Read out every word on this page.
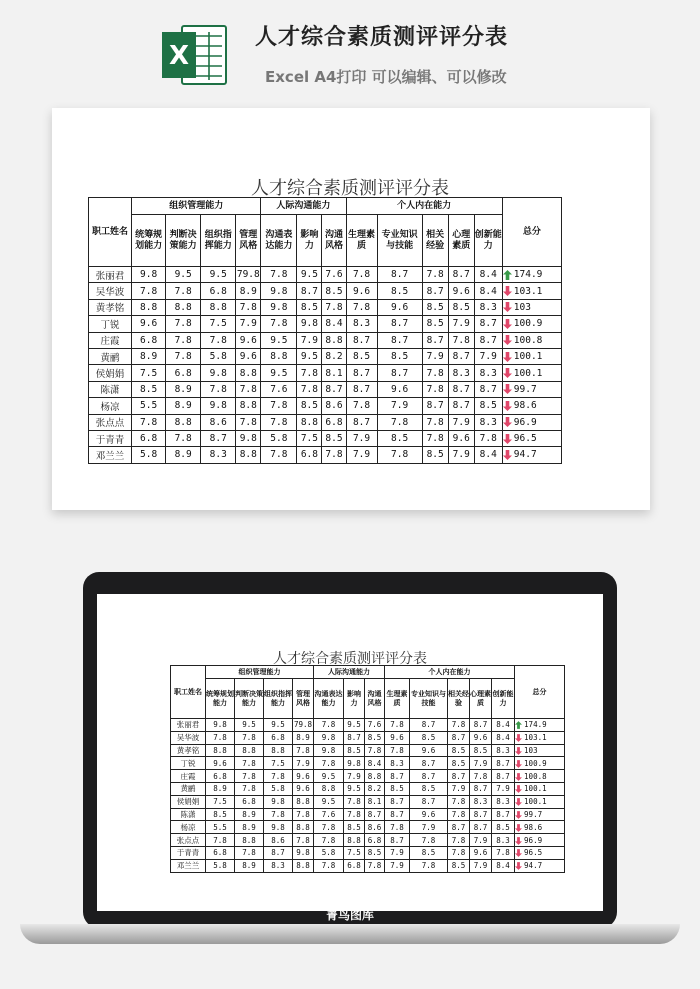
X
人才综合素质测评评分表
Excel A4打印 可以编辑、可以修改
人才综合素质测评评分表
职工姓名	组织管理能力				人际沟通能力			个人内在能力					总分
	统筹规划能力	判断决策能力	组织指挥能力	管理风格	沟通表达能力	影响力	沟通风格	生理素质	专业知识与技能	相关经验	心理素质	创新能力	
张丽君	9.8	9.5	9.5	79.8	7.8	9.5	7.6	7.8	8.7	7.8	8.7	8.4	174.9
吴华波	7.8	7.8	6.8	8.9	9.8	8.7	8.5	9.6	8.5	8.7	9.6	8.4	103.1
黄孝铭	8.8	8.8	8.8	7.8	9.8	8.5	7.8	7.8	9.6	8.5	8.5	8.3	103
丁锐	9.6	7.8	7.5	7.9	7.8	9.8	8.4	8.3	8.7	8.5	7.9	8.7	100.9
庄霞	6.8	7.8	7.8	9.6	9.5	7.9	8.8	8.7	8.7	8.7	7.8	8.7	100.8
黄鹂	8.9	7.8	5.8	9.6	8.8	9.5	8.2	8.5	8.5	7.9	8.7	7.9	100.1
侯娟娟	7.5	6.8	9.8	8.8	9.5	7.8	8.1	8.7	8.7	7.8	8.3	8.3	100.1
陈潇	8.5	8.9	7.8	7.8	7.6	7.8	8.7	8.7	9.6	7.8	8.7	8.7	99.7
杨凉	5.5	8.9	9.8	8.8	7.8	8.5	8.6	7.8	7.9	8.7	8.7	8.5	98.6
张点点	7.8	8.8	8.6	7.8	7.8	8.8	6.8	8.7	7.8	7.8	7.9	8.3	96.9
于青青	6.8	7.8	8.7	9.8	5.8	7.5	8.5	7.9	8.5	7.8	9.6	7.8	96.5
邓兰兰	5.8	8.9	8.3	8.8	7.8	6.8	7.8	7.9	7.8	8.5	7.9	8.4	94.7
人才综合素质测评评分表
职工姓名	组织管理能力				人际沟通能力			个人内在能力					总分
	统筹规划能力	判断决策能力	组织指挥能力	管理风格	沟通表达能力	影响力	沟通风格	生理素质	专业知识与技能	相关经验	心理素质	创新能力	
张丽君	9.8	9.5	9.5	79.8	7.8	9.5	7.6	7.8	8.7	7.8	8.7	8.4	174.9
吴华波	7.8	7.8	6.8	8.9	9.8	8.7	8.5	9.6	8.5	8.7	9.6	8.4	103.1
黄孝铭	8.8	8.8	8.8	7.8	9.8	8.5	7.8	7.8	9.6	8.5	8.5	8.3	103
丁锐	9.6	7.8	7.5	7.9	7.8	9.8	8.4	8.3	8.7	8.5	7.9	8.7	100.9
庄霞	6.8	7.8	7.8	9.6	9.5	7.9	8.8	8.7	8.7	8.7	7.8	8.7	100.8
黄鹂	8.9	7.8	5.8	9.6	8.8	9.5	8.2	8.5	8.5	7.9	8.7	7.9	100.1
侯娟娟	7.5	6.8	9.8	8.8	9.5	7.8	8.1	8.7	8.7	7.8	8.3	8.3	100.1
陈潇	8.5	8.9	7.8	7.8	7.6	7.8	8.7	8.7	9.6	7.8	8.7	8.7	99.7
杨凉	5.5	8.9	9.8	8.8	7.8	8.5	8.6	7.8	7.9	8.7	8.7	8.5	98.6
张点点	7.8	8.8	8.6	7.8	7.8	8.8	6.8	8.7	7.8	7.8	7.9	8.3	96.9
于青青	6.8	7.8	8.7	9.8	5.8	7.5	8.5	7.9	8.5	7.8	9.6	7.8	96.5
邓兰兰	5.8	8.9	8.3	8.8	7.8	6.8	7.8	7.9	7.8	8.5	7.9	8.4	94.7
菁鸟图库
